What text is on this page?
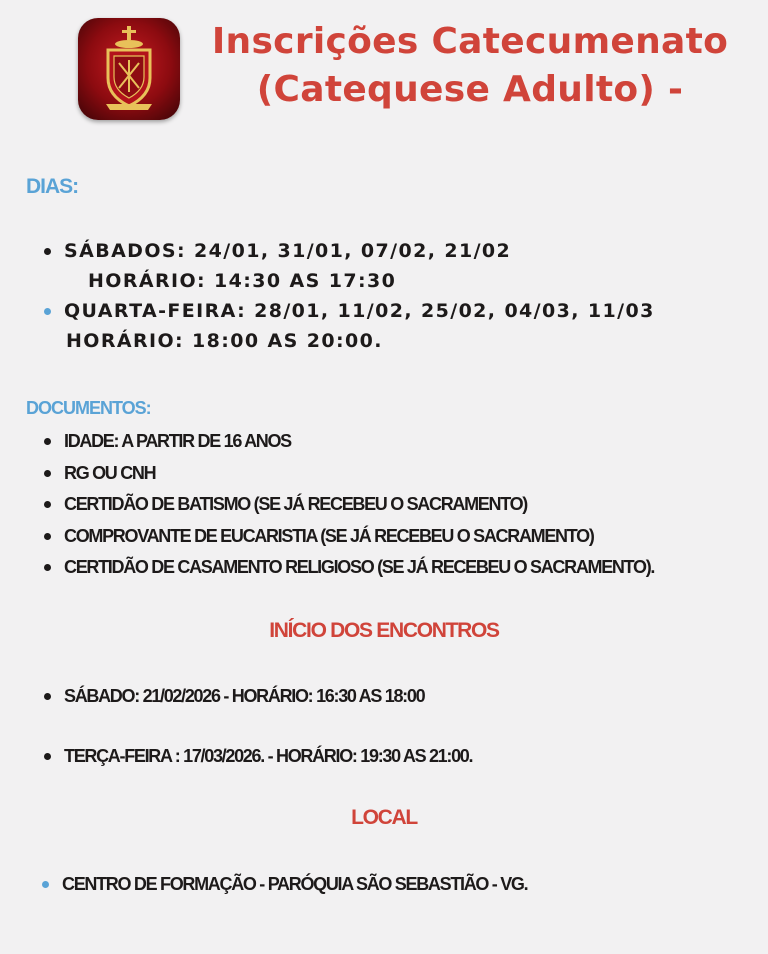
Inscrições Catecumenato
(Catequese Adulto) -
DIAS:
SÁBADOS: 24/01, 31/01, 07/02, 21/02
HORÁRIO: 14:30 AS 17:30
QUARTA-FEIRA: 28/01, 11/02, 25/02, 04/03, 11/03
HORÁRIO: 18:00 AS 20:00.
DOCUMENTOS:
IDADE: A PARTIR DE 16 ANOS
RG OU CNH
CERTIDÃO DE BATISMO (SE JÁ RECEBEU O SACRAMENTO)
COMPROVANTE DE EUCARISTIA (SE JÁ RECEBEU O SACRAMENTO)
CERTIDÃO DE CASAMENTO RELIGIOSO (SE JÁ RECEBEU O SACRAMENTO).
INÍCIO DOS ENCONTROS
SÁBADO: 21/02/2026 - HORÁRIO: 16:30 AS 18:00
TERÇA-FEIRA : 17/03/2026. - HORÁRIO: 19:30 AS 21:00.
LOCAL
CENTRO DE FORMAÇÃO - PARÓQUIA SÃO SEBASTIÃO - VG.
